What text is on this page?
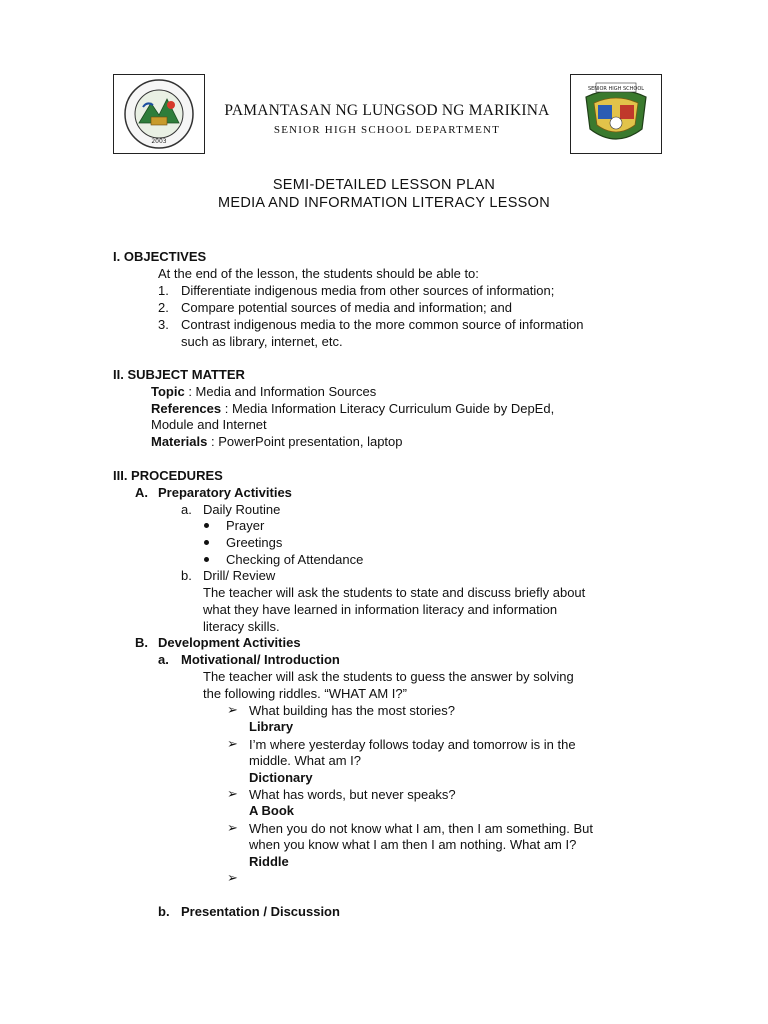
2003
SENIOR HIGH SCHOOL
PAMANTASAN NG LUNGSOD NG MARIKINA
SENIOR HIGH SCHOOL DEPARTMENT
SEMI-DETAILED LESSON PLAN
MEDIA AND INFORMATION LITERACY LESSON
I. OBJECTIVES
At the end of the lesson, the students should be able to:
1. Differentiate indigenous media from other sources of information;
2. Compare potential sources of media and information; and
3. Contrast indigenous media to the more common source of information
such as library, internet, etc.
II. SUBJECT MATTER
Topic : Media and Information Sources
References : Media Information Literacy Curriculum Guide by DepEd,
Module and Internet
Materials : PowerPoint presentation, laptop
III. PROCEDURES
A. Preparatory Activities
a. Daily Routine
Prayer
Greetings
Checking of Attendance
b. Drill/ Review
The teacher will ask the students to state and discuss briefly about
what they have learned in information literacy and information
literacy skills.
B. Development Activities
a. Motivational/ Introduction
The teacher will ask the students to guess the answer by solving
the following riddles. “WHAT AM I?”
➢ What building has the most stories?
Library
➢ I’m where yesterday follows today and tomorrow is in the
middle. What am I?
Dictionary
➢ What has words, but never speaks?
A Book
➢ When you do not know what I am, then I am something. But
when you know what I am then I am nothing. What am I?
Riddle
➢
b. Presentation / Discussion
